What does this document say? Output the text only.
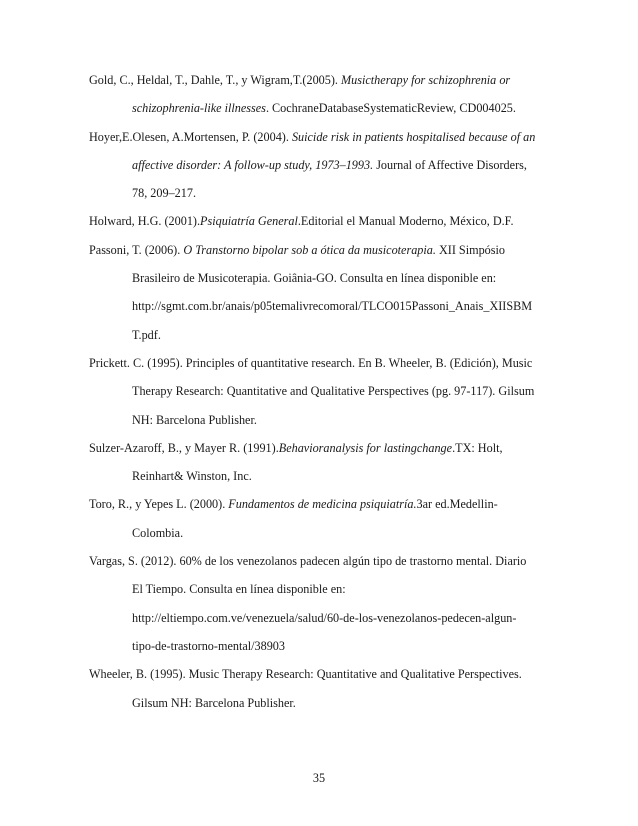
Gold, C., Heldal, T., Dahle, T., y Wigram,T.(2005). Musictherapy for schizophrenia or
schizophrenia-like illnesses. CochraneDatabaseSystematicReview, CD004025.
Hoyer,E.Olesen, A.Mortensen, P. (2004). Suicide risk in patients hospitalised because of an
affective disorder: A follow-up study, 1973–1993. Journal of Affective Disorders,
78, 209–217.
Holward, H.G. (2001).Psiquiatría General.Editorial el Manual Moderno, México, D.F.
Passoni, T. (2006). O Transtorno bipolar sob a ótica da musicoterapia. XII Simpósio
Brasileiro de Musicoterapia. Goiânia-GO. Consulta en línea disponible en:
http://sgmt.com.br/anais/p05temalivrecomoral/TLCO015Passoni_Anais_XIISBM
T.pdf.
Prickett. C. (1995). Principles of quantitative research. En B. Wheeler, B. (Edición), Music
Therapy Research: Quantitative and Qualitative Perspectives (pg. 97-117). Gilsum
NH: Barcelona Publisher.
Sulzer-Azaroff, B., y Mayer R. (1991).Behavioranalysis for lastingchange.TX: Holt,
Reinhart& Winston, Inc.
Toro, R., y Yepes L. (2000). Fundamentos de medicina psiquiatría.3ar ed.Medellin-
Colombia.
Vargas, S. (2012). 60% de los venezolanos padecen algún tipo de trastorno mental. Diario
El Tiempo. Consulta en línea disponible en:
http://eltiempo.com.ve/venezuela/salud/60-de-los-venezolanos-pedecen-algun-
tipo-de-trastorno-mental/38903
Wheeler, B. (1995). Music Therapy Research: Quantitative and Qualitative Perspectives.
Gilsum NH: Barcelona Publisher.
35
